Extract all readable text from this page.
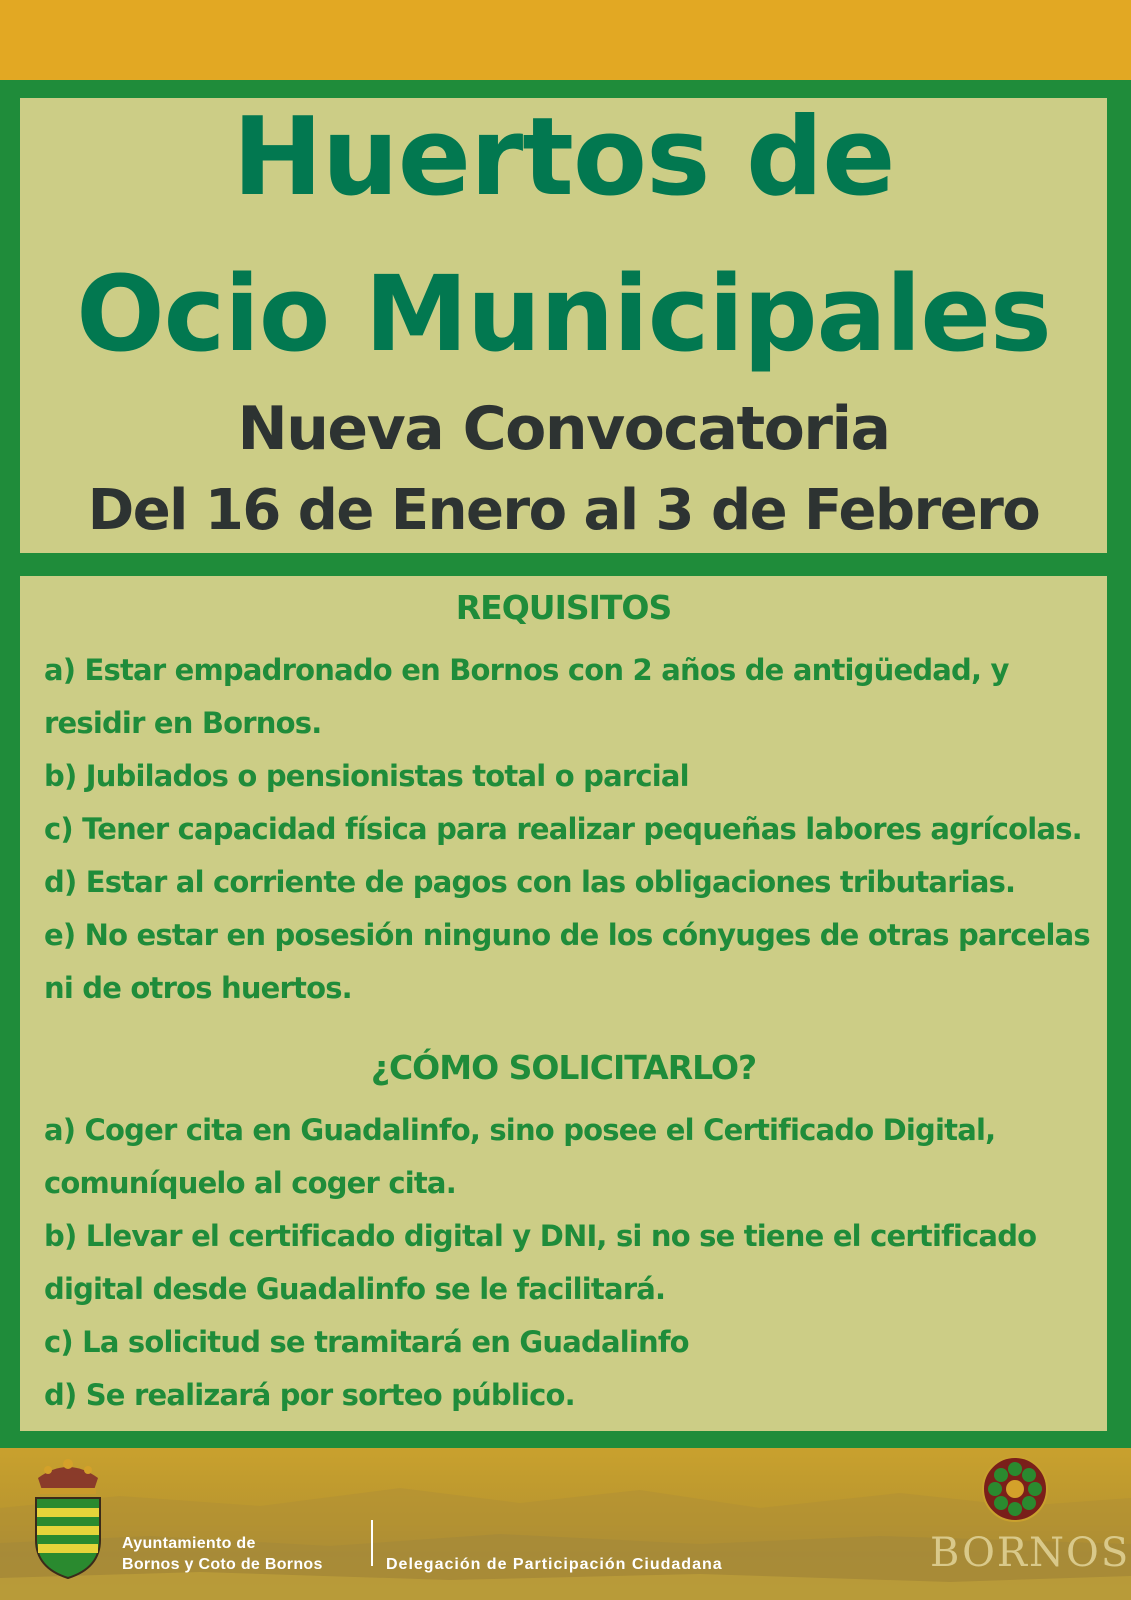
Huertos de
Ocio Municipales
Nueva Convocatoria
Del 16 de Enero al 3 de Febrero
REQUISITOS
a) Estar empadronado en Bornos con 2 años de antigüedad, y residir en Bornos.
b) Jubilados o pensionistas total o parcial
c) Tener capacidad física para realizar pequeñas labores agrícolas.
d) Estar al corriente de pagos con las obligaciones tributarias.
e) No estar en posesión ninguno de los cónyuges de otras parcelas ni de otros huertos.
¿CÓMO SOLICITARLO?
a) Coger cita en Guadalinfo, sino posee el Certificado Digital, comuníquelo al coger cita.
b) Llevar el certificado digital y DNI, si no se tiene el certificado digital desde Guadalinfo se le facilitará.
c) La solicitud se tramitará en Guadalinfo
d) Se realizará por sorteo público.
Ayuntamiento de
Bornos y Coto de Bornos	Delegación de Participación Ciudadana	BORNOS
